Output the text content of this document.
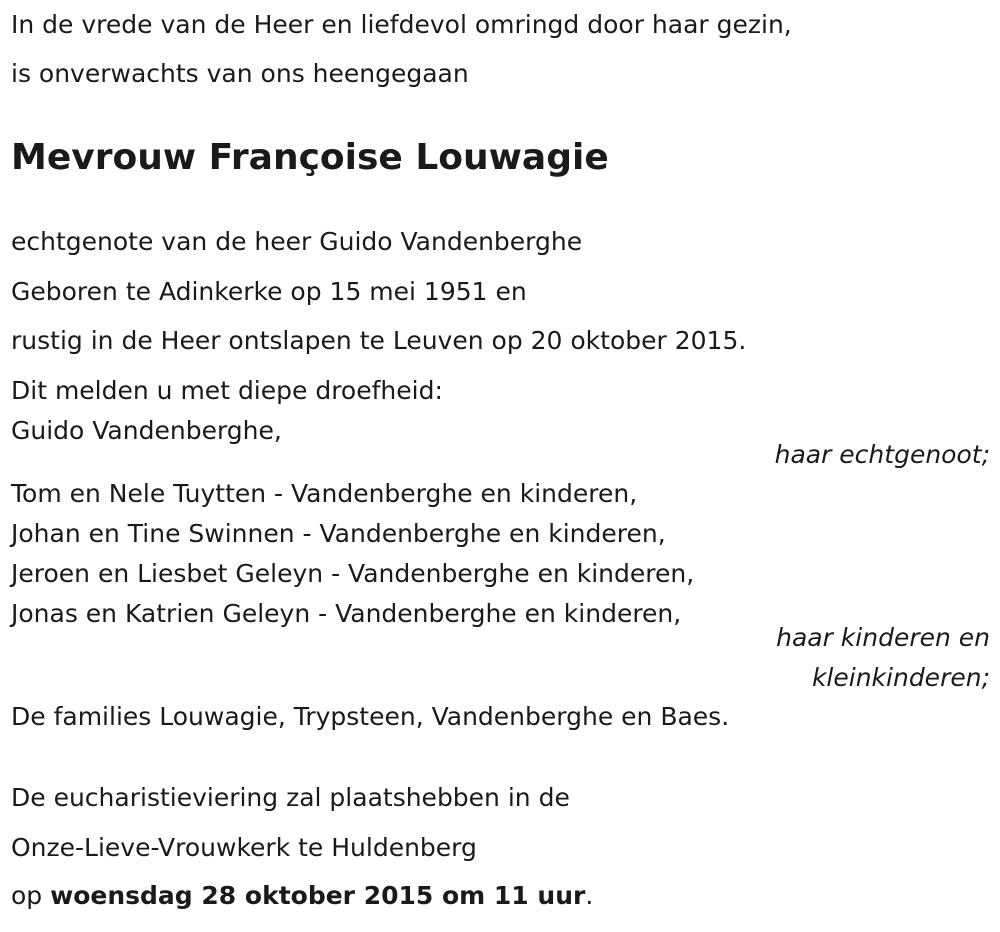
In de vrede van de Heer en liefdevol omringd door haar gezin,
is onverwachts van ons heengegaan
Mevrouw Françoise Louwagie
echtgenote van de heer Guido Vandenberghe
Geboren te Adinkerke op 15 mei 1951 en
rustig in de Heer ontslapen te Leuven op 20 oktober 2015.
Dit melden u met diepe droefheid:
Guido Vandenberghe,
haar echtgenoot;
Tom en Nele Tuytten - Vandenberghe en kinderen,
Johan en Tine Swinnen - Vandenberghe en kinderen,
Jeroen en Liesbet Geleyn - Vandenberghe en kinderen,
Jonas en Katrien Geleyn - Vandenberghe en kinderen,
haar kinderen en
kleinkinderen;
De families Louwagie, Trypsteen, Vandenberghe en Baes.
De eucharistieviering zal plaatshebben in de
Onze-Lieve-Vrouwkerk te Huldenberg
op woensdag 28 oktober 2015 om 11 uur.
